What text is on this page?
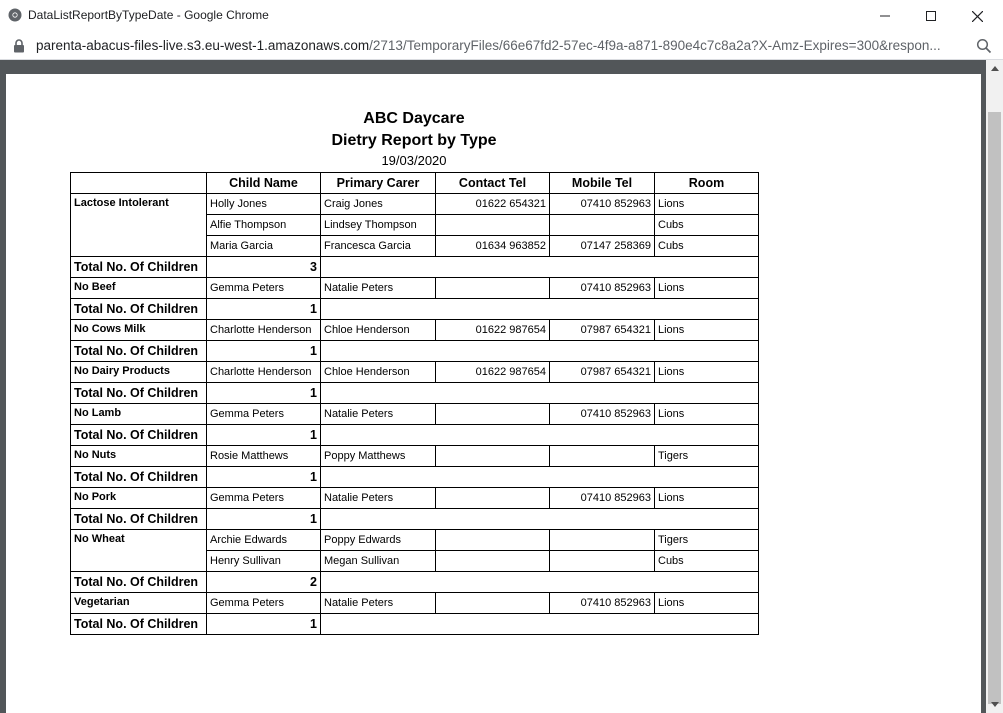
DataListReportByTypeDate - Google Chrome
parenta-abacus-files-live.s3.eu-west-1.amazonaws.com/2713/TemporaryFiles/66e67fd2-57ec-4f9a-a871-890e4c7c8a2a?X-Amz-Expires=300&respon...
ABC Daycare
Dietry Report by Type
19/03/2020
	Child Name	Primary Carer	Contact Tel	Mobile Tel	Room
Lactose Intolerant	Holly Jones	Craig Jones	01622 654321	07410 852963	Lions
	Alfie Thompson	Lindsey Thompson			Cubs
	Maria Garcia	Francesca Garcia	01634 963852	07147 258369	Cubs
Total No. Of Children	3				
No Beef	Gemma Peters	Natalie Peters		07410 852963	Lions
Total No. Of Children	1				
No Cows Milk	Charlotte Henderson	Chloe Henderson	01622 987654	07987 654321	Lions
Total No. Of Children	1				
No Dairy Products	Charlotte Henderson	Chloe Henderson	01622 987654	07987 654321	Lions
Total No. Of Children	1				
No Lamb	Gemma Peters	Natalie Peters		07410 852963	Lions
Total No. Of Children	1				
No Nuts	Rosie Matthews	Poppy Matthews			Tigers
Total No. Of Children	1				
No Pork	Gemma Peters	Natalie Peters		07410 852963	Lions
Total No. Of Children	1				
No Wheat	Archie Edwards	Poppy Edwards			Tigers
	Henry Sullivan	Megan Sullivan			Cubs
Total No. Of Children	2				
Vegetarian	Gemma Peters	Natalie Peters		07410 852963	Lions
Total No. Of Children	1				
